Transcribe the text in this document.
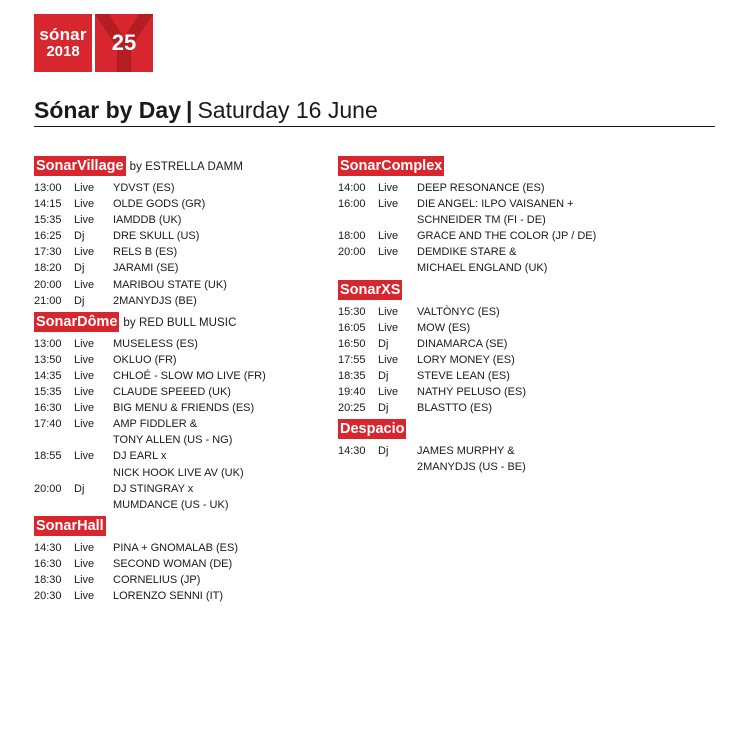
sónar
2018	25
Sónar by Day | Saturday 16 June
SonarVillage by ESTRELLA DAMM
13:00	Live	YDVST (ES)
14:15	Live	OLDE GODS (GR)
15:35	Live	IAMDDB (UK)
16:25	Dj	DRE SKULL (US)
17:30	Live	RELS B (ES)
18:20	Dj	JARAMI (SE)
20:00	Live	MARIBOU STATE (UK)
21:00	Dj	2MANYDJS (BE)
SonarDôme by RED BULL MUSIC
13:00	Live	MUSELESS (ES)
13:50	Live	OKLUO (FR)
14:35	Live	CHLOÉ - SLOW MO LIVE (FR)
15:35	Live	CLAUDE SPEEED (UK)
16:30	Live	BIG MENU & FRIENDS (ES)
17:40	Live	AMP FIDDLER &
TONY ALLEN (US - NG)
18:55	Live	DJ EARL x
NICK HOOK LIVE AV (UK)
20:00	Dj	DJ STINGRAY x
MUMDANCE (US - UK)
SonarHall
14:30	Live	PINA + GNOMALAB (ES)
16:30	Live	SECOND WOMAN (DE)
18:30	Live	CORNELIUS (JP)
20:30	Live	LORENZO SENNI (IT)
SonarComplex
14:00	Live	DEEP RESONANCE (ES)
16:00	Live	DIE ANGEL: ILPO VAISANEN +
SCHNEIDER TM (FI - DE)
18:00	Live	GRACE AND THE COLOR (JP / DE)
20:00	Live	DEMDIKE STARE &
MICHAEL ENGLAND (UK)
SonarXS
15:30	Live	VALTÒNYC (ES)
16:05	Live	MOW (ES)
16:50	Dj	DINAMARCA (SE)
17:55	Live	LORY MONEY (ES)
18:35	Dj	STEVE LEAN (ES)
19:40	Live	NATHY PELUSO (ES)
20:25	Dj	BLASTTO (ES)
Despacio
14:30	Dj	JAMES MURPHY &
2MANYDJS (US - BE)
